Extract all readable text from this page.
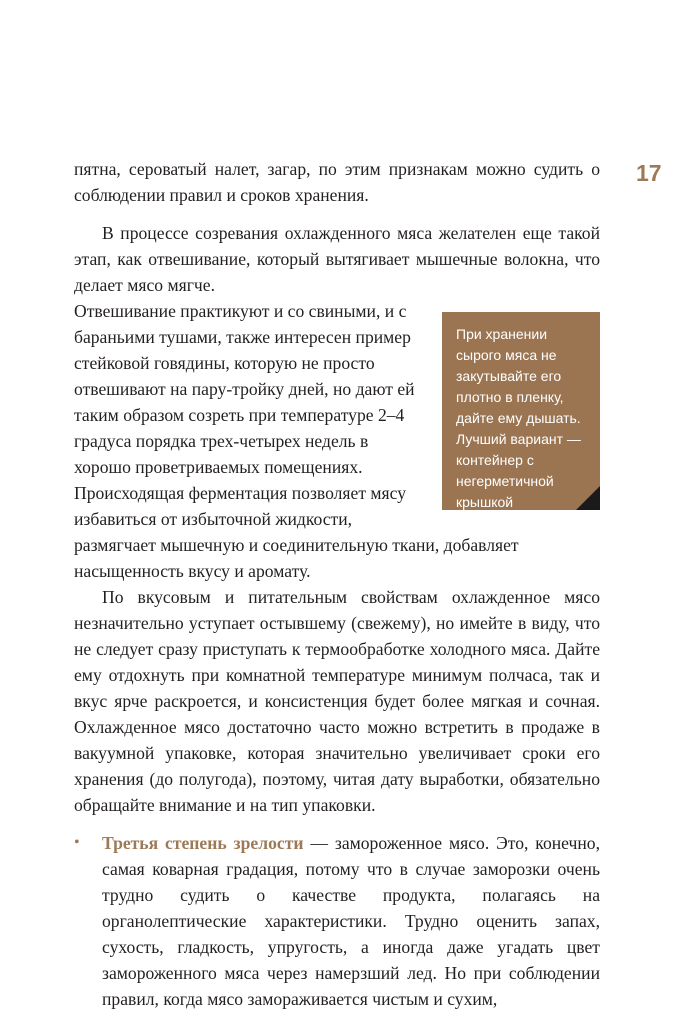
17

пятна, сероватый налет, загар, по этим признакам можно судить о соблюдении правил и сроков хранения.

В процессе созревания охлажденного мяса желателен еще такой этап, как отвешивание, который вытягивает мышечные волокна, что делает мясо мягче.

При хранении сырого мяса не закутывайте его плотно в пленку, дайте ему дышать. Лучший вариант — контейнер с негерметичной крышкой
Отвешивание практикуют и со свиными, и с бараньими тушами, также интересен пример стейковой говядины, которую не просто отвешивают на пару-тройку дней, но дают ей таким образом созреть при температуре 2–4 градуса порядка трех-четырех недель в хорошо проветриваемых помещениях. Происходящая ферментация позволяет мясу избавиться от избыточной жидкости, размягчает мышечную и соединительную ткани, добавляет насыщенность вкусу и аромату.

По вкусовым и питательным свойствам охлажденное мясо незначительно уступает остывшему (свежему), но имейте в виду, что не следует сразу приступать к термообработке холодного мяса. Дайте ему отдохнуть при комнатной температуре минимум полчаса, так и вкус ярче раскроется, и консистенция будет более мягкая и сочная. Охлажденное мясо достаточно часто можно встретить в продаже в вакуумной упаковке, которая значительно увеличивает сроки его хранения (до полугода), поэтому, читая дату выработки, обязательно обращайте внимание и на тип упаковки.

• Третья степень зрелости — замороженное мясо. Это, конечно, самая коварная градация, потому что в случае заморозки очень трудно судить о качестве продукта, полагаясь на органолептические характеристики. Трудно оценить запах, сухость, гладкость, упругость, а иногда даже угадать цвет замороженного мяса через намерзший лед. Но при соблюдении правил, когда мясо замораживается чистым и сухим,
